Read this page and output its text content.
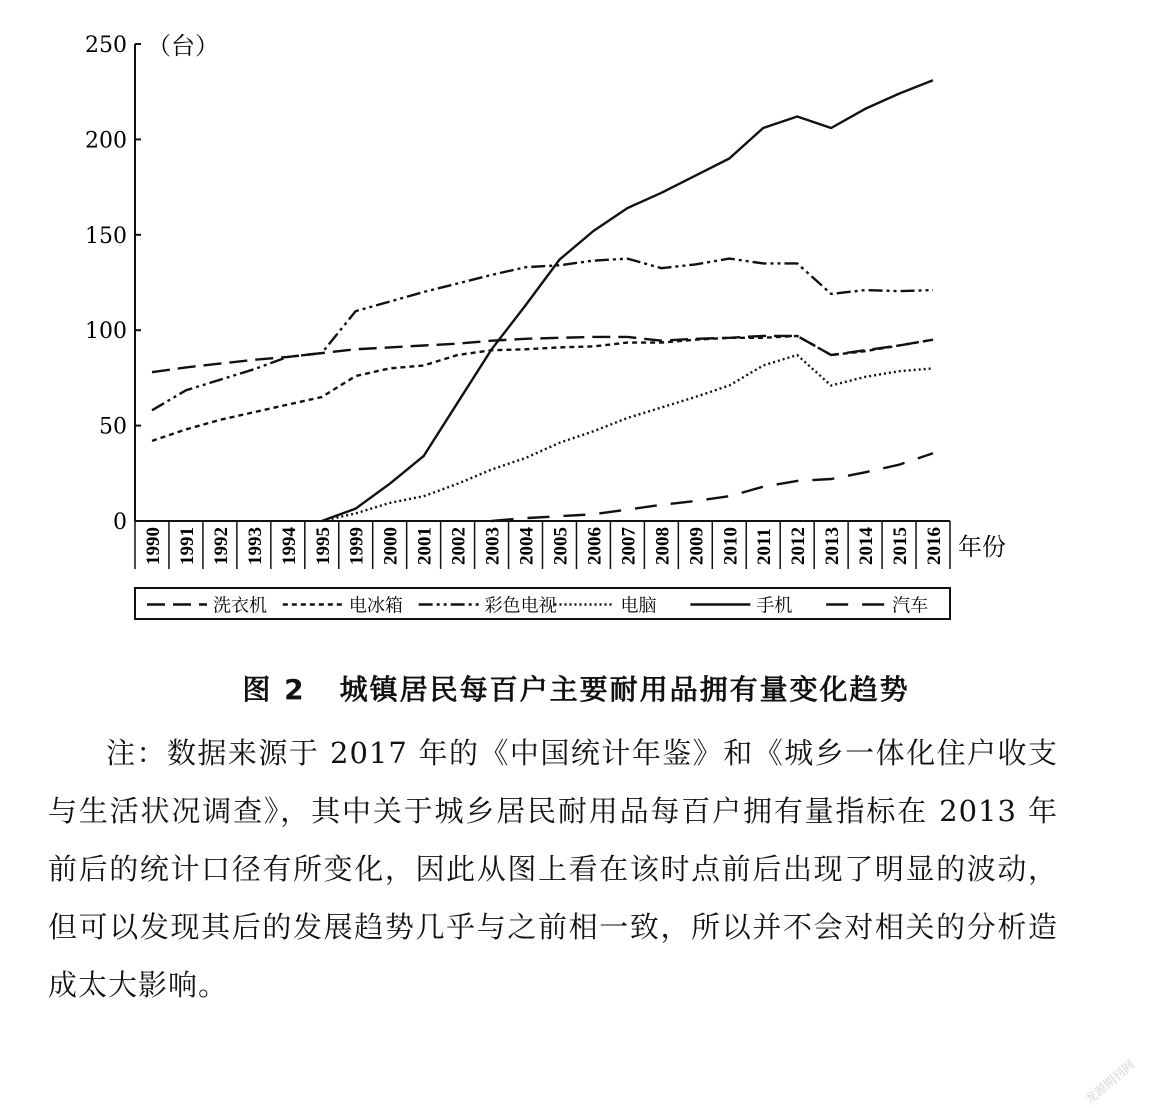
0
50
100
150
200
250 （台）
1990 1991 1992 1993 1994 1995 1999 2000 2001 2002 2003 2004 2005 2006 2007 2008 2009 2010 2011 2012 2013 2014 2015 2016 年份
洗衣机	电冰箱	彩色电视	电脑	手机	汽车
图 2 城镇居民每百户主要耐用品拥有量变化趋势
注：数据来源于 2017 年的《中国统计年鉴》和《城乡一体化住户收支与生活状况调查》，其中关于城乡居民耐用品每百户拥有量指标在 2013 年前后的统计口径有所变化，因此从图上看在该时点前后出现了明显的波动，但可以发现其后的发展趋势几乎与之前相一致，所以并不会对相关的分析造成太大影响。
龙源期刊网
